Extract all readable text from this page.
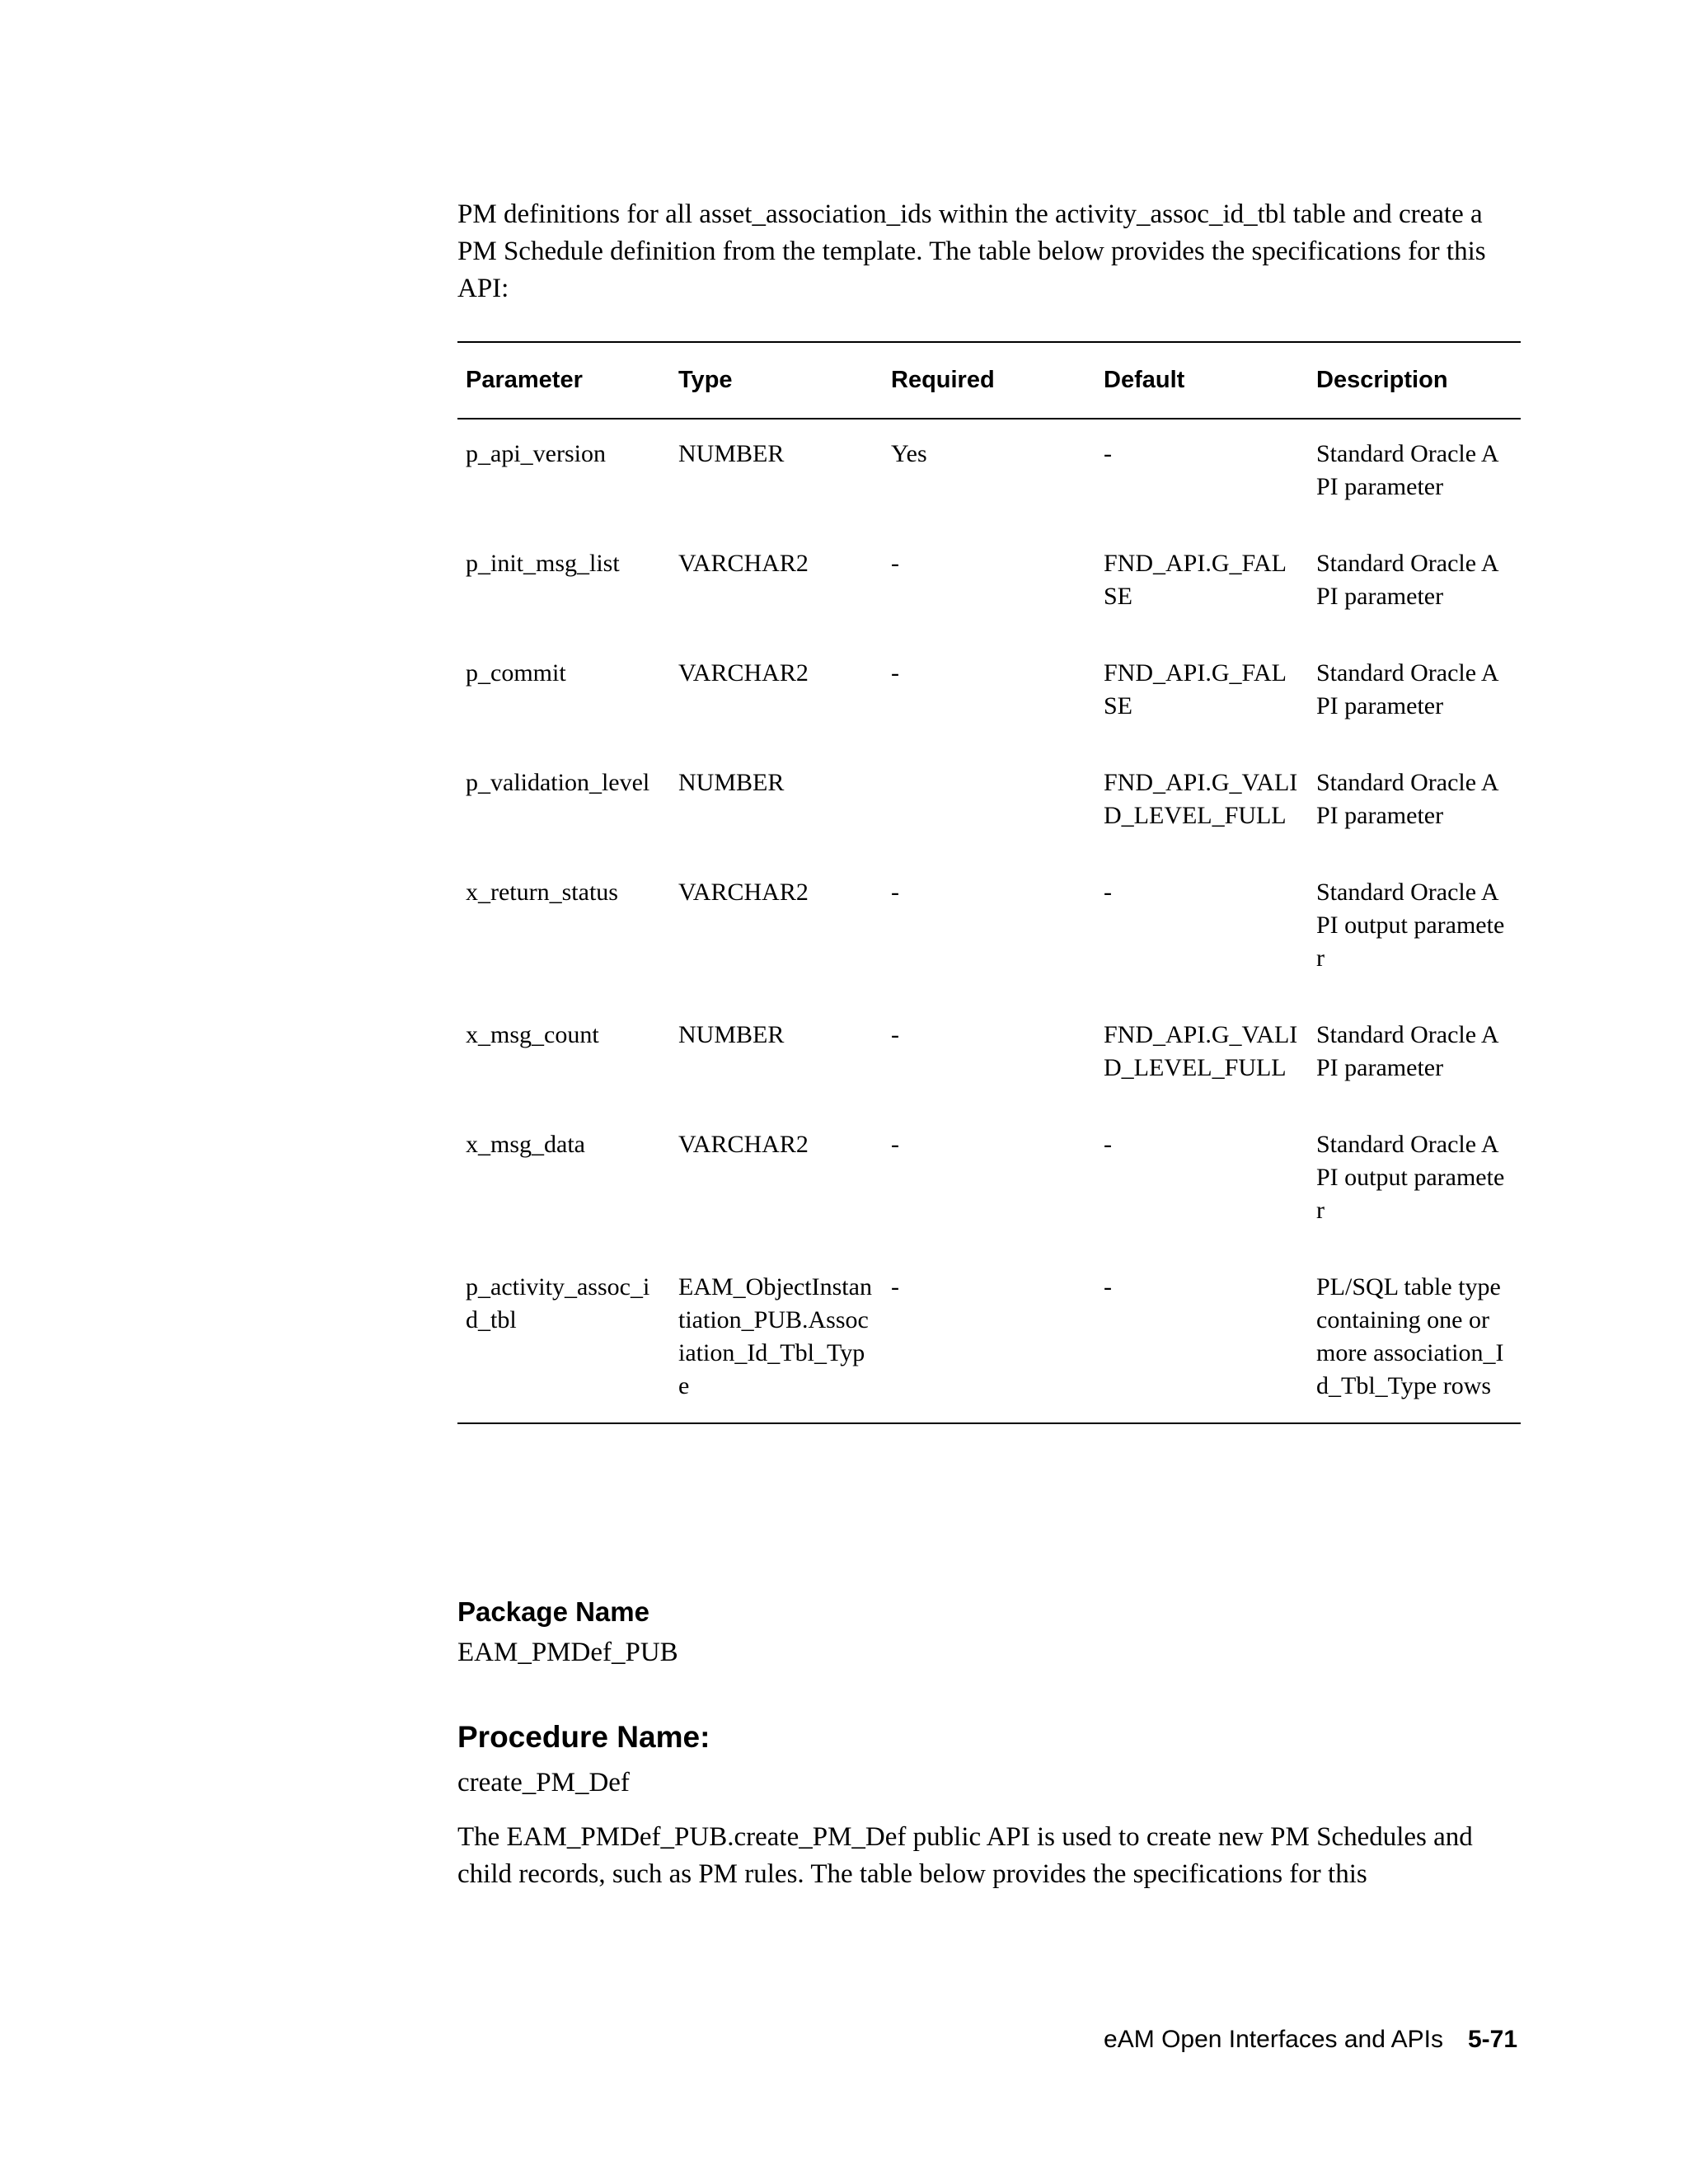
PM definitions for all asset_association_ids within the activity_assoc_id_tbl table and create a PM Schedule definition from the template. The table below provides the specifications for this API:

Parameter	Type	Required	Default	Description
p_api_version	NUMBER	Yes	-	Standard Oracle API parameter
p_init_msg_list	VARCHAR2	-	FND_API.G_FALSE	Standard Oracle API parameter
p_commit	VARCHAR2	-	FND_API.G_FALSE	Standard Oracle API parameter
p_validation_level	NUMBER		FND_API.G_VALID_LEVEL_FULL	Standard Oracle API parameter
x_return_status	VARCHAR2	-	-	Standard Oracle API output parameter
x_msg_count	NUMBER	-	FND_API.G_VALID_LEVEL_FULL	Standard Oracle API parameter
x_msg_data	VARCHAR2	-	-	Standard Oracle API output parameter
p_activity_assoc_id_tbl	EAM_ObjectInstantiation_PUB.Association_Id_Tbl_Type	-	-	PL/SQL table type containing one or more association_Id_Tbl_Type rows
Package Name

EAM_PMDef_PUB

Procedure Name:

create_PM_Def

The EAM_PMDef_PUB.create_PM_Def public API is used to create new PM Schedules and child records, such as PM rules. The table below provides the specifications for this

eAM Open Interfaces and APIs 5-71
